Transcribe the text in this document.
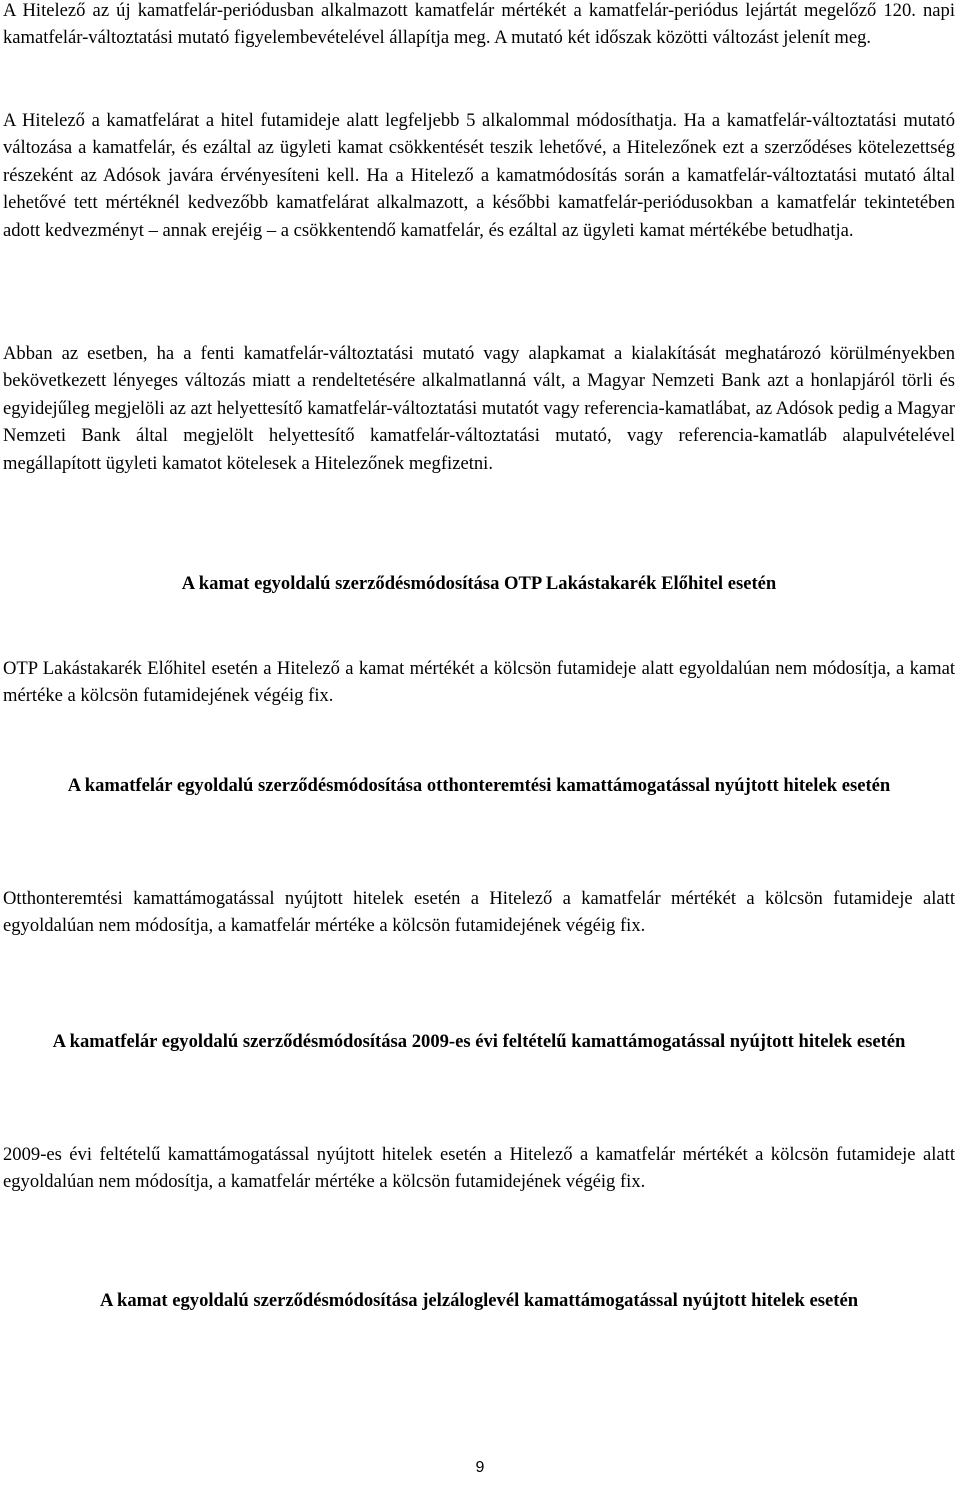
A Hitelező az új kamatfelár-periódusban alkalmazott kamatfelár mértékét a kamatfelár-periódus lejártát megelőző 120. napi kamatfelár-változtatási mutató figyelembevételével állapítja meg. A mutató két időszak közötti változást jelenít meg.

A Hitelező a kamatfelárat a hitel futamideje alatt legfeljebb 5 alkalommal módosíthatja. Ha a kamatfelár-változtatási mutató változása a kamatfelár, és ezáltal az ügyleti kamat csökkentését teszik lehetővé, a Hitelezőnek ezt a szerződéses kötelezettség részeként az Adósok javára érvényesíteni kell. Ha a Hitelező a kamatmódosítás során a kamatfelár-változtatási mutató által lehetővé tett mértéknél kedvezőbb kamatfelárat alkalmazott, a későbbi kamatfelár-periódusokban a kamatfelár tekintetében adott kedvezményt – annak erejéig – a csökkentendő kamatfelár, és ezáltal az ügyleti kamat mértékébe betudhatja.

Abban az esetben, ha a fenti kamatfelár-változtatási mutató vagy alapkamat a kialakítását meghatározó körülményekben bekövetkezett lényeges változás miatt a rendeltetésére alkalmatlanná vált, a Magyar Nemzeti Bank azt a honlapjáról törli és egyidejűleg megjelöli az azt helyettesítő kamatfelár-változtatási mutatót vagy referencia-kamatlábat, az Adósok pedig a Magyar Nemzeti Bank által megjelölt helyettesítő kamatfelár-változtatási mutató, vagy referencia-kamatláb alapulvételével megállapított ügyleti kamatot kötelesek a Hitelezőnek megfizetni.

A kamat egyoldalú szerződésmódosítása OTP Lakástakarék Előhitel esetén

OTP Lakástakarék Előhitel esetén a Hitelező a kamat mértékét a kölcsön futamideje alatt egyoldalúan nem módosítja, a kamat mértéke a kölcsön futamidejének végéig fix.

A kamatfelár egyoldalú szerződésmódosítása otthonteremtési kamattámogatással nyújtott hitelek esetén

Otthonteremtési kamattámogatással nyújtott hitelek esetén a Hitelező a kamatfelár mértékét a kölcsön futamideje alatt egyoldalúan nem módosítja, a kamatfelár mértéke a kölcsön futamidejének végéig fix.

A kamatfelár egyoldalú szerződésmódosítása 2009-es évi feltételű kamattámogatással nyújtott hitelek esetén

2009-es évi feltételű kamattámogatással nyújtott hitelek esetén a Hitelező a kamatfelár mértékét a kölcsön futamideje alatt egyoldalúan nem módosítja, a kamatfelár mértéke a kölcsön futamidejének végéig fix.

A kamat egyoldalú szerződésmódosítása jelzáloglevél kamattámogatással nyújtott hitelek esetén
9
